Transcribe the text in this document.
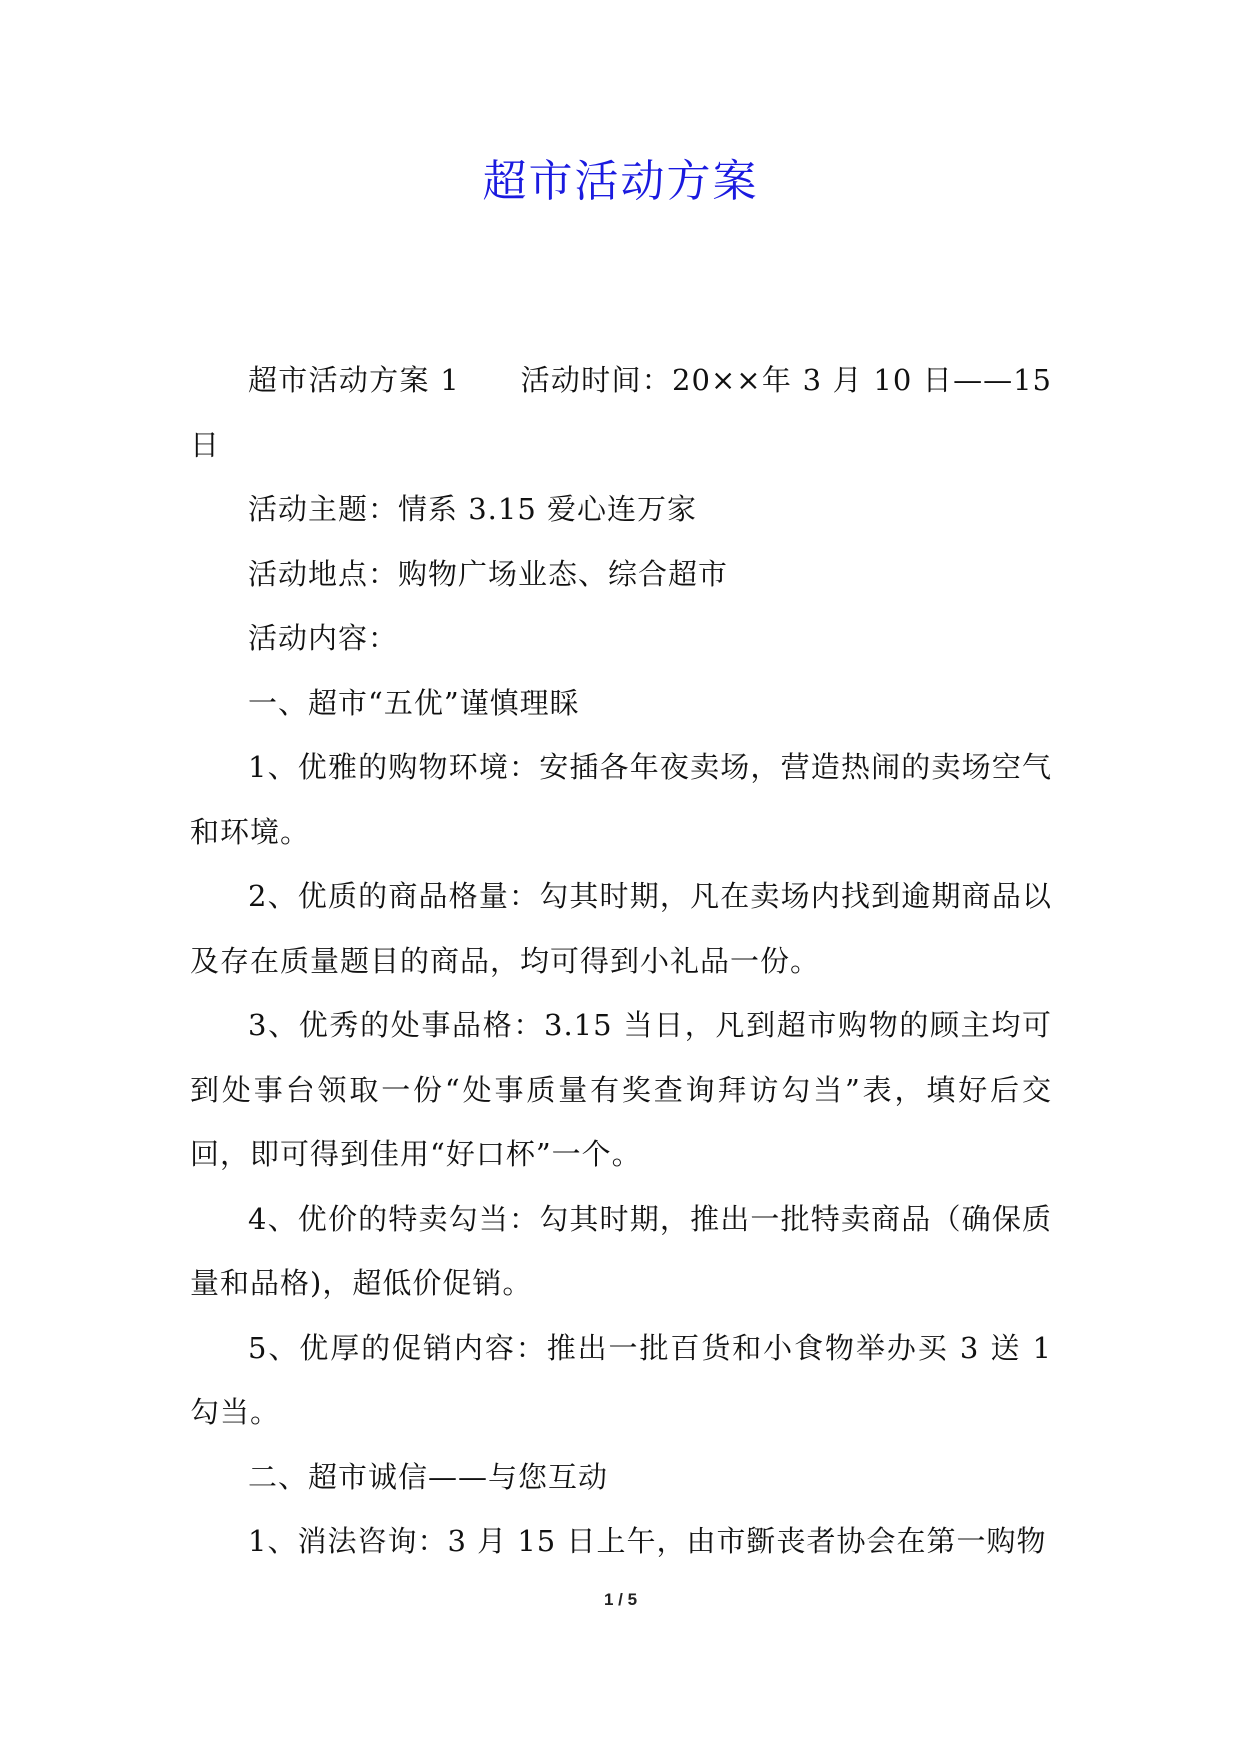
超市活动方案

超市活动方案 1　　活动时间：20××年 3 月 10 日——15 日

活动主题：情系 3.15 爱心连万家

活动地点：购物广场业态、综合超市

活动内容：

一、超市“五优”谨慎理睬

1、优雅的购物环境：安插各年夜卖场，营造热闹的卖场空气和环境。

2、优质的商品格量：勾其时期，凡在卖场内找到逾期商品以及存在质量题目的商品，均可得到小礼品一份。

3、优秀的处事品格：3.15 当日，凡到超市购物的顾主均可到处事台领取一份“处事质量有奖查询拜访勾当”表，填好后交回，即可得到佳用“好口杯”一个。

4、优价的特卖勾当：勾其时期，推出一批特卖商品（确保质量和品格)，超低价促销。

5、优厚的促销内容：推出一批百货和小食物举办买 3 送 1 勾当。

二、超市诚信——与您互动

1、消法咨询：3 月 15 日上午，由市斵丧者协会在第一购物

1 / 5
